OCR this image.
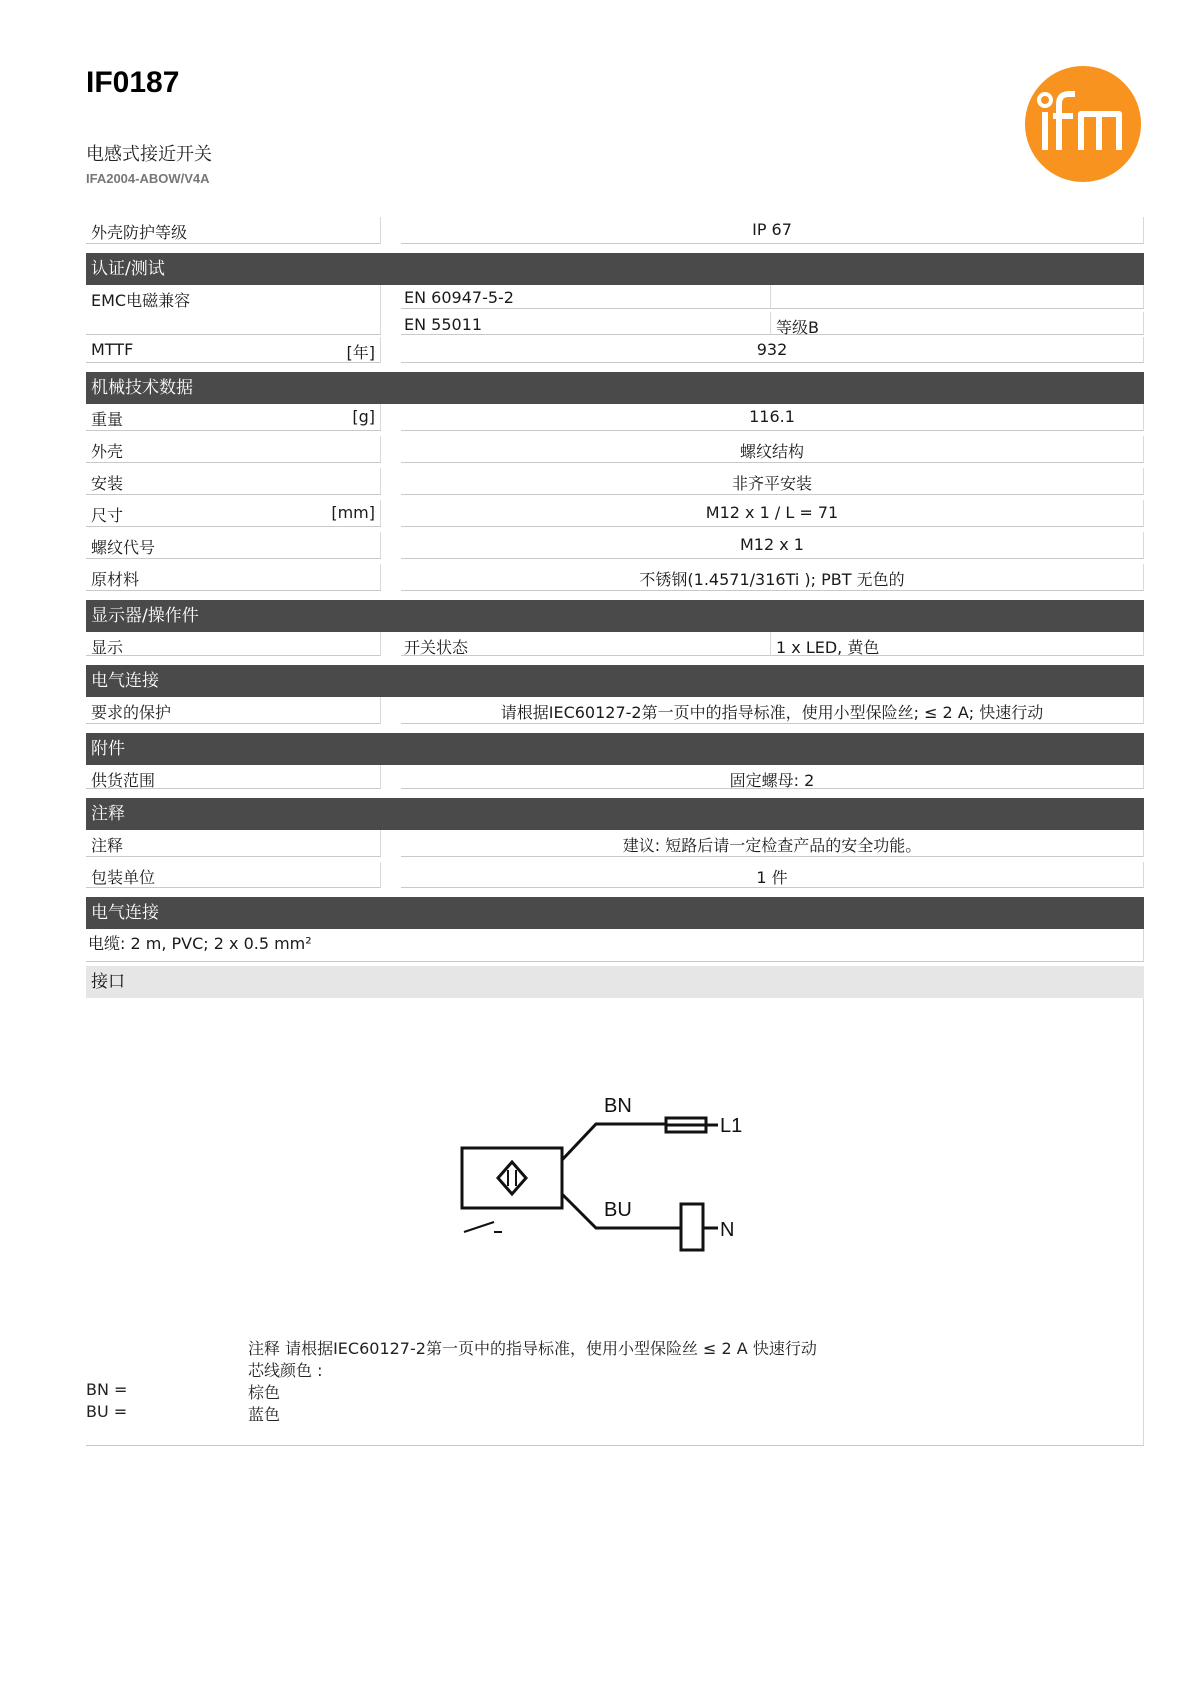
IF0187
电感式接近开关
IFA2004-ABOW/V4A
外壳防护等级	IP 67
认证/测试
EMC电磁兼容	EN 60947-5-2
EN 55011	等级B
MTTF	[年]	932
机械技术数据
重量	[g]	116.1
外壳	螺纹结构
安装	非齐平安装
尺寸	[mm]	M12 x 1 / L = 71
螺纹代号	M12 x 1
原材料	不锈钢(1.4571/316Ti ); PBT 无色的
显示器/操作件
显示	开关状态	1 x LED, 黄色
电气连接
要求的保护	请根据IEC60127-2第一页中的指导标准，使用小型保险丝; ≤ 2 A; 快速行动
附件
供货范围	固定螺母: 2
注释
注释	建议: 短路后请一定检查产品的安全功能。
包装单位	1 件
电气连接
电缆: 2 m, PVC; 2 x 0.5 mm²
接口
BN
L1
BU
N
注释 请根据IEC60127-2第一页中的指导标准，使用小型保险丝 ≤ 2 A 快速行动
芯线颜色 :
BN =	棕色
BU =	蓝色
